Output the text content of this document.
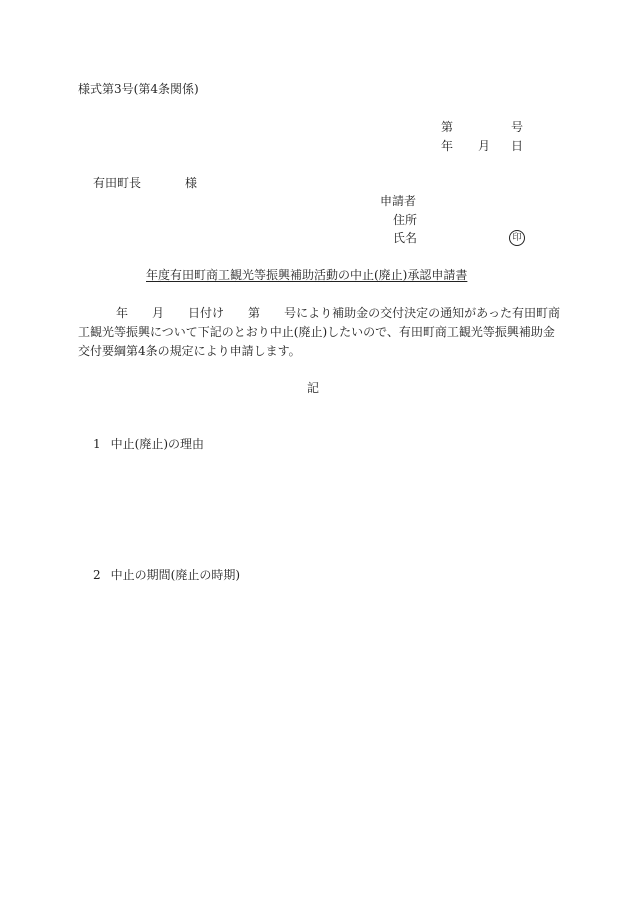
様式第3号(第4条関係)
第	号
年 月 日
有田町長	様
申請者
住所
氏名	印
年度有田町商工観光等振興補助活動の中止(廃止)承認申請書
年 月 日付け 第 号により補助金の交付決定の通知があった有田町商
工観光等振興について下記のとおり中止(廃止)したいので、有田町商工観光等振興補助金
交付要綱第4条の規定により申請します。
記
1 中止(廃止)の理由
2 中止の期間(廃止の時期)
